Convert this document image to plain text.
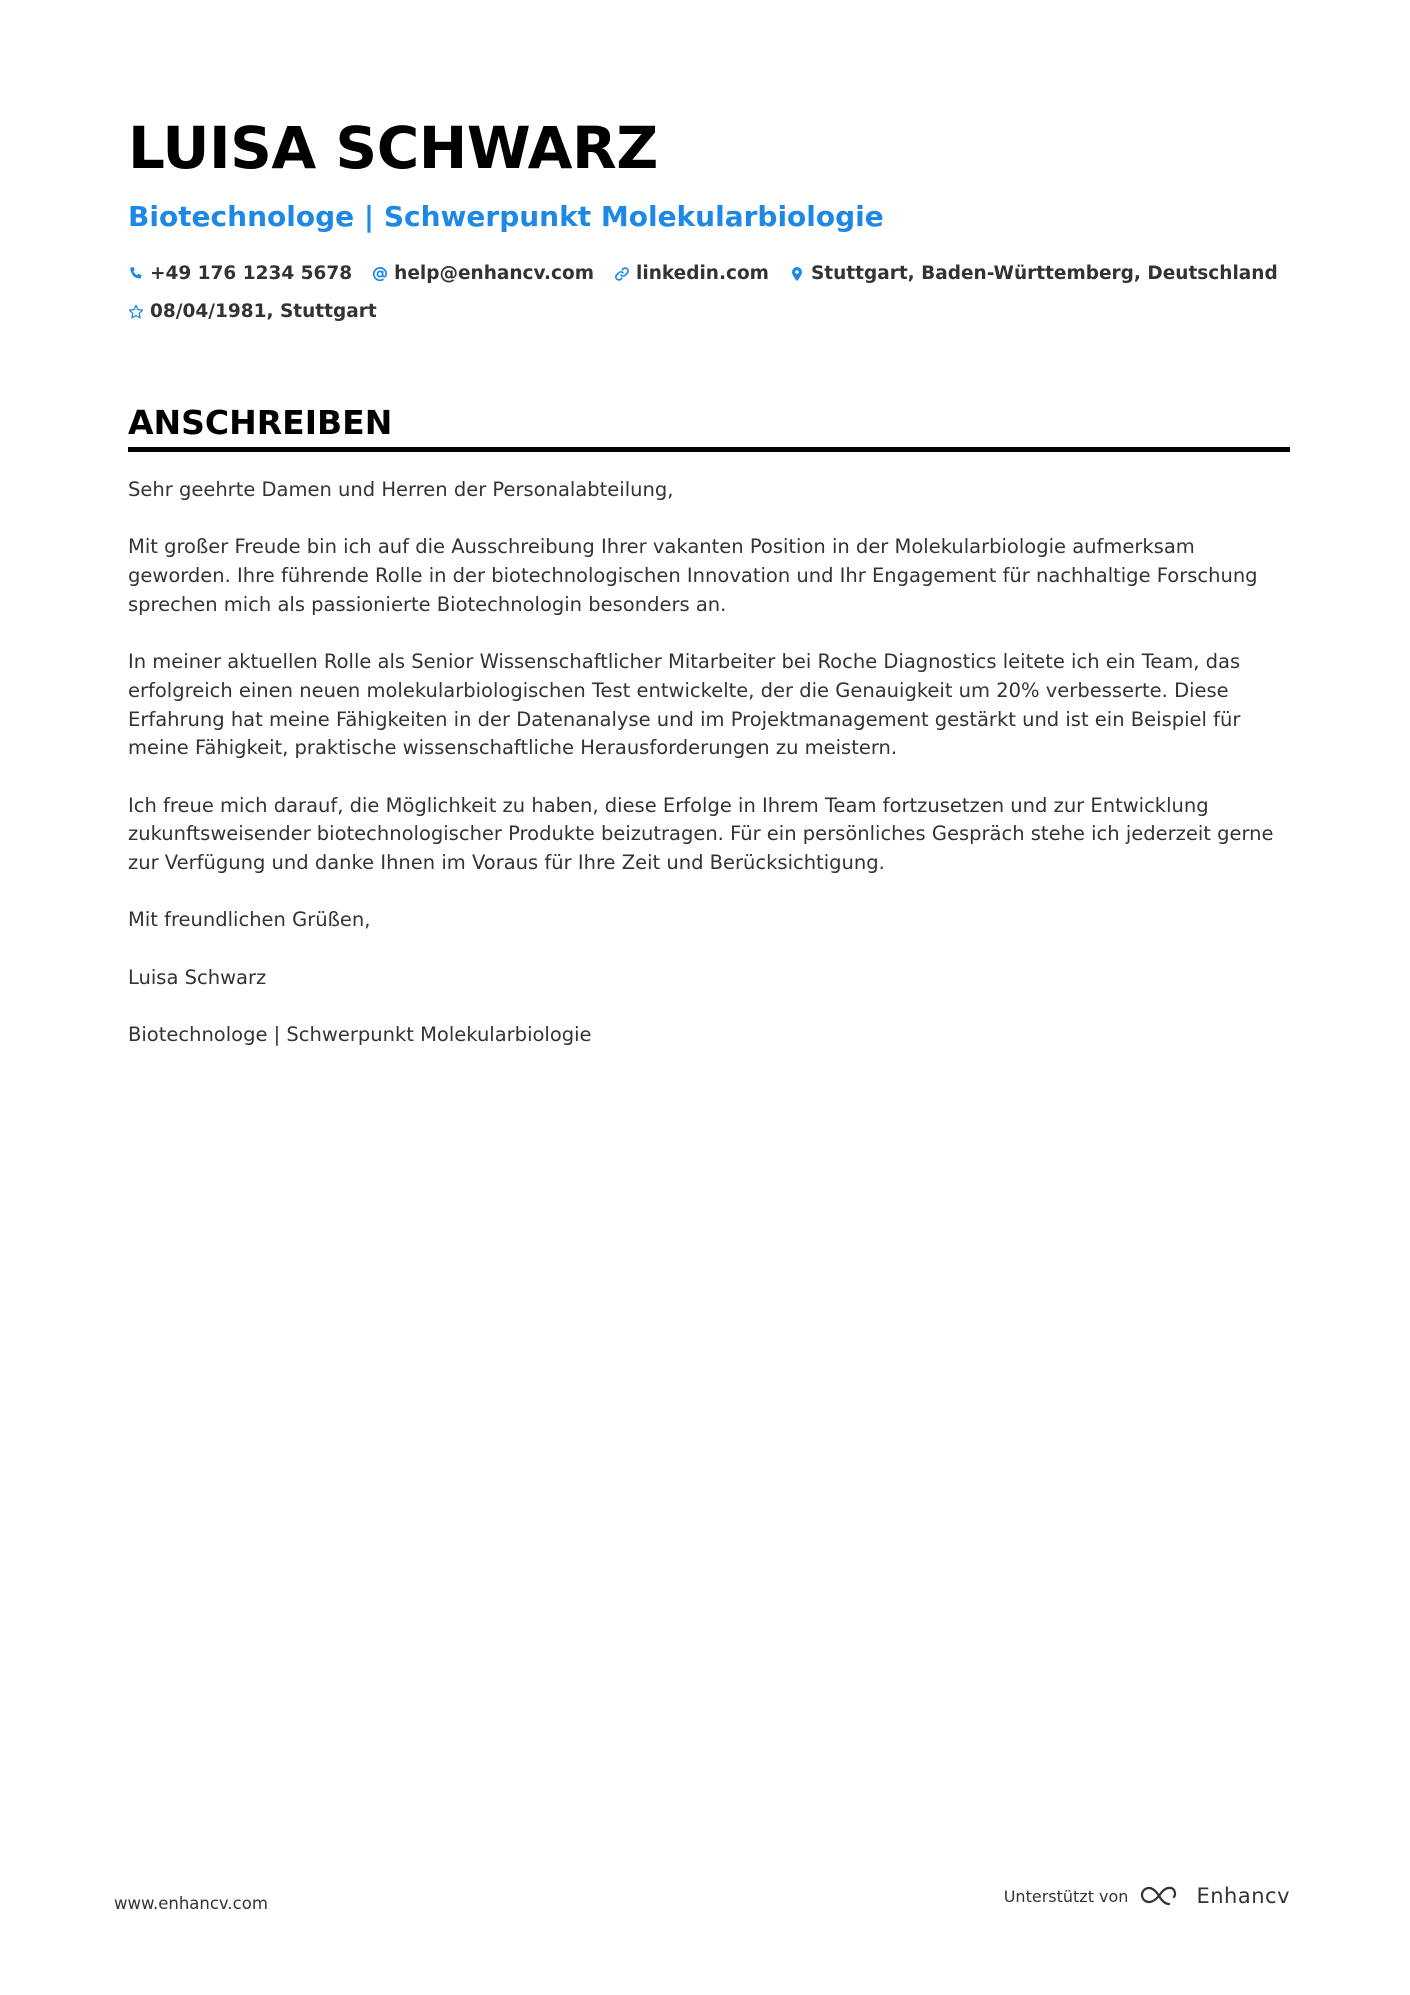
LUISA SCHWARZ
Biotechnologe | Schwerpunkt Molekularbiologie
+49 176 1234 5678 help@enhancv.com linkedin.com Stuttgart, Baden-Württemberg, Deutschland
08/04/1981, Stuttgart
ANSCHREIBEN

Sehr geehrte Damen und Herren der Personalabteilung,

Mit großer Freude bin ich auf die Ausschreibung Ihrer vakanten Position in der Molekularbiologie aufmerksam geworden. Ihre führende Rolle in der biotechnologischen Innovation und Ihr Engagement für nachhaltige Forschung sprechen mich als passionierte Biotechnologin besonders an.

In meiner aktuellen Rolle als Senior Wissenschaftlicher Mitarbeiter bei Roche Diagnostics leitete ich ein Team, das erfolgreich einen neuen molekularbiologischen Test entwickelte, der die Genauigkeit um 20% verbesserte. Diese Erfahrung hat meine Fähigkeiten in der Datenanalyse und im Projektmanagement gestärkt und ist ein Beispiel für meine Fähigkeit, praktische wissenschaftliche Herausforderungen zu meistern.

Ich freue mich darauf, die Möglichkeit zu haben, diese Erfolge in Ihrem Team fortzusetzen und zur Entwicklung zukunftsweisender biotechnologischer Produkte beizutragen. Für ein persönliches Gespräch stehe ich jederzeit gerne zur Verfügung und danke Ihnen im Voraus für Ihre Zeit und Berücksichtigung.

Mit freundlichen Grüßen,

Luisa Schwarz

Biotechnologe | Schwerpunkt Molekularbiologie

www.enhancv.com	Unterstützt von	Enhancv
